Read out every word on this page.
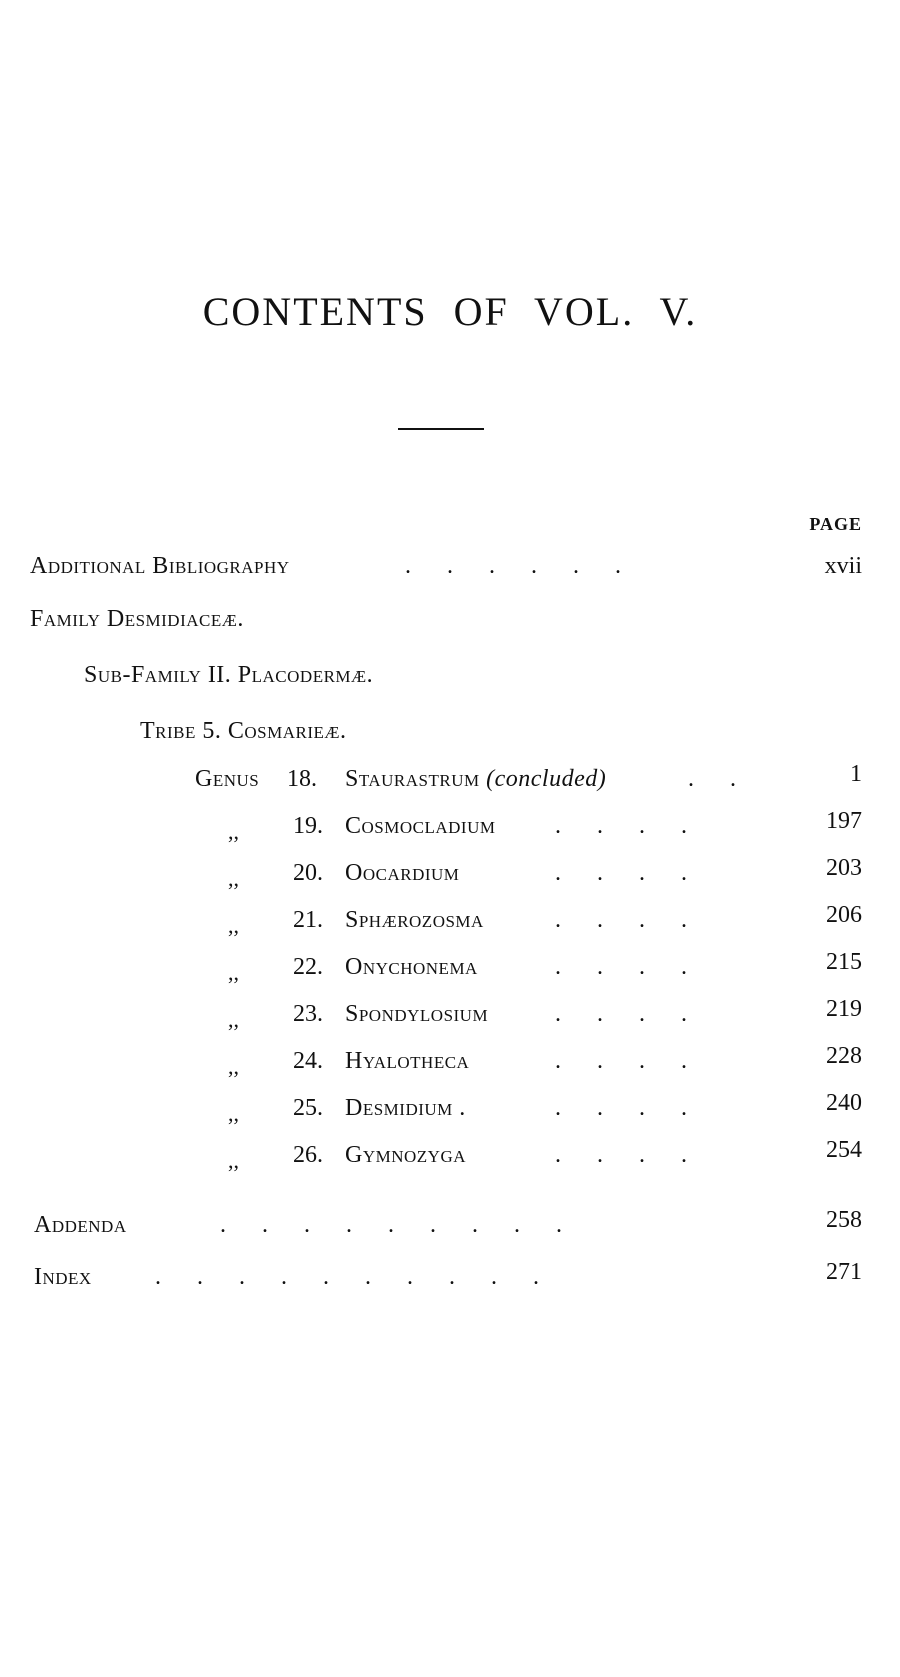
CONTENTS OF VOL. V.
PAGE
Additional Bibliography	.      .      .      .      .      .	xvii
Family Desmidiaceæ.
Sub-Family II. Placodermæ.
Tribe 5. Cosmarieæ.
Genus 18. Staurastrum (concluded)	.      .	1
,, 19. Cosmocladium .      .      .      .	197
,, 20. Oocardium	.      .      .      .	203
,, 21. Sphærozosma	.      .      .      .	206
,, 22. Onychonema	.      .      .      .	215
,, 23. Spondylosium	.      .      .      .	219
,, 24. Hyalotheca	.      .      .      .	228
,, 25. Desmidium .	.      .      .      .	240
,, 26. Gymnozyga	.      .      .      .	254
Addenda	.      .      .      .      .      .      .      .      .	258
Index	.      .      .      .      .      .      .      .      .      .	271
